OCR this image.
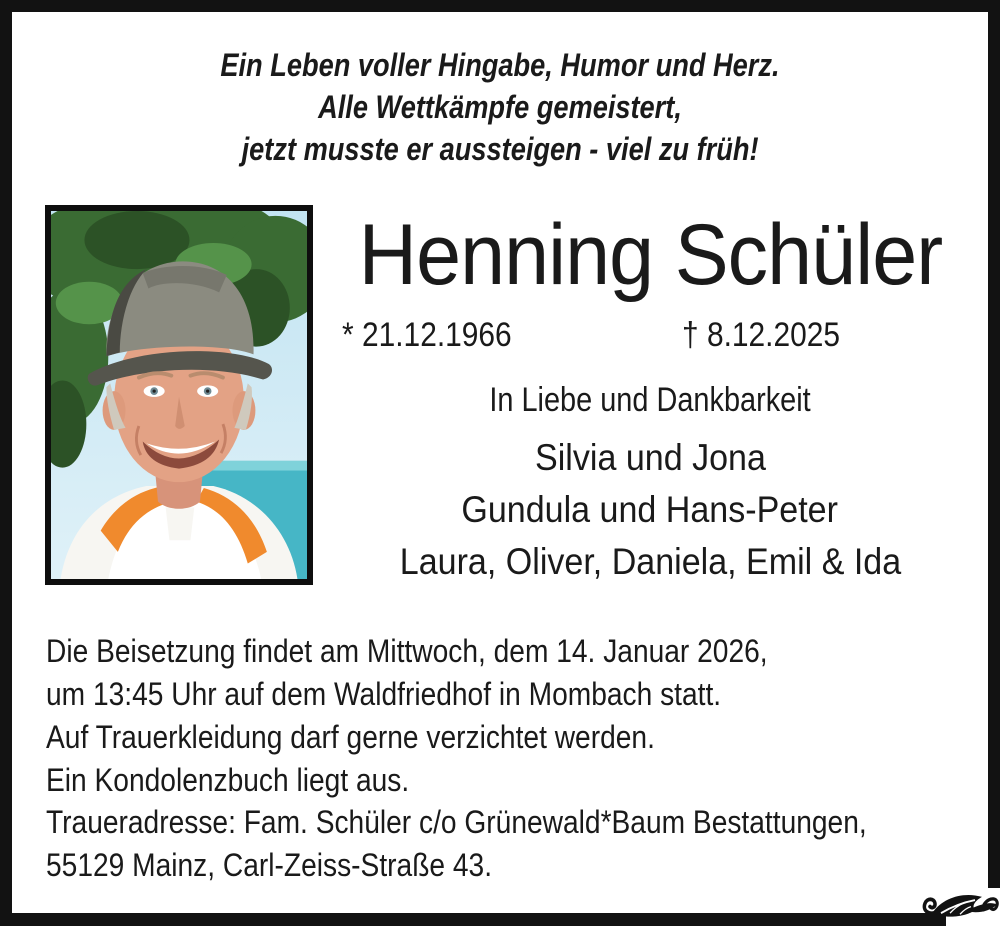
Ein Leben voller Hingabe, Humor und Herz.
Alle Wettkämpfe gemeistert,
jetzt musste er aussteigen - viel zu früh!
Henning Schüler
* 21.12.1966	† 8.12.2025
In Liebe und Dankbarkeit
Silvia und Jona
Gundula und Hans-Peter
Laura, Oliver, Daniela, Emil & Ida
Die Beisetzung findet am Mittwoch, dem 14. Januar 2026,
um 13:45 Uhr auf dem Waldfriedhof in Mombach statt.
Auf Trauerkleidung darf gerne verzichtet werden.
Ein Kondolenzbuch liegt aus.
Traueradresse: Fam. Schüler c/o Grünewald*Baum Bestattungen,
55129 Mainz, Carl-Zeiss-Straße 43.
